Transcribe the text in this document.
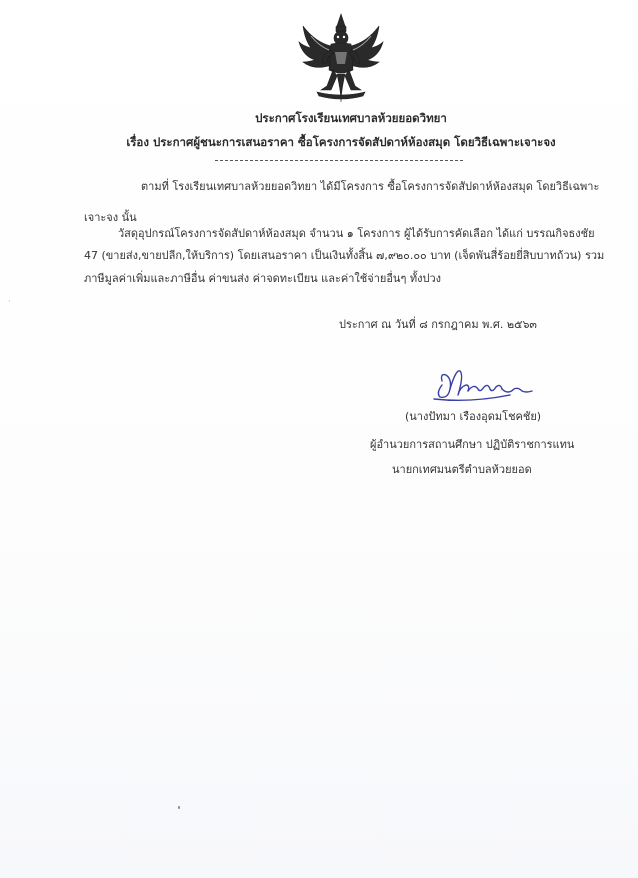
ประกาศโรงเรียนเทศบาลห้วยยอดวิทยา
เรื่อง ประกาศผู้ชนะการเสนอราคา ซื้อโครงการจัดสัปดาห์ห้องสมุด โดยวิธีเฉพาะเจาะจง
ตามที่ โรงเรียนเทศบาลห้วยยอดวิทยา ได้มีโครงการ ซื้อโครงการจัดสัปดาห์ห้องสมุด โดยวิธีเฉพาะ
เจาะจง นั้น
วัสดุอุปกรณ์โครงการจัดสัปดาห์ห้องสมุด จำนวน ๑ โครงการ ผู้ได้รับการคัดเลือก ได้แก่ บรรณกิจธงชัย
47 (ขายส่ง,ขายปลีก,ให้บริการ) โดยเสนอราคา เป็นเงินทั้งสิ้น ๗,๙๒๐.๐๐ บาท (เจ็ดพันสี่ร้อยยี่สิบบาทถ้วน) รวม
ภาษีมูลค่าเพิ่มและภาษีอื่น ค่าขนส่ง ค่าจดทะเบียน และค่าใช้จ่ายอื่นๆ ทั้งปวง
ประกาศ ณ วันที่ ๘ กรกฎาคม พ.ศ. ๒๕๖๓
(นางปัทมา เรืองอุดมโชคชัย)
ผู้อำนวยการสถานศึกษา ปฏิบัติราชการแทน
นายกเทศมนตรีตำบลห้วยยอด
